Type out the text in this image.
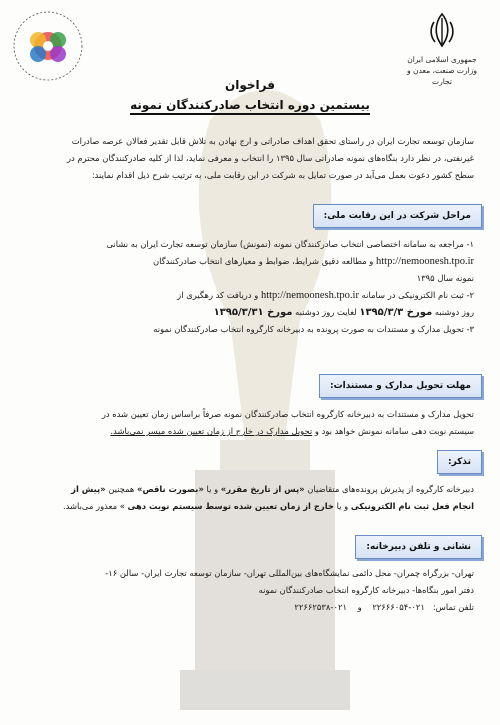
جمهوری اسلامی ایران
وزارت صنعت، معدن و تجارت
فراخوان
بیستمین دوره انتخاب صادرکنندگان نمونه
سازمان توسعه تجارت ایران در راستای تحقق اهداف صادراتی و ارج نهادن به تلاش قابل تقدیر فعالان عرصه صادرات
غیرنفتی، در نظر دارد بنگاه‌های نمونه صادراتی سال ۱۳۹۵ را انتخاب و معرفی نماید، لذا از کلیه صادرکنندگان محترم در
سطح کشور دعوت بعمل می‌آید در صورت تمایل به شرکت در این رقابت ملی، به ترتیب شرح ذیل اقدام نمایند:
مراحل شرکت در این رقابت ملی:
۱- مراجعه به سامانه اختصاصی انتخاب صادرکنندگان نمونه (نمونش) سازمان توسعه تجارت ایران به نشانی
http://nemoonesh.tpo.ir و مطالعه دقیق شرایط، ضوابط و معیارهای انتخاب صادرکنندگان
نمونه سال ۱۳۹۵
۲- ثبت نام الکترونیکی در سامانه http://nemoonesh.tpo.ir و دریافت کد رهگیری از
روز دوشنبه مورخ ۱۳۹۵/۳/۳ لغایت روز دوشنبه مورخ ۱۳۹۵/۳/۳۱
۳- تحویل مدارک و مستندات به صورت پرونده به دبیرخانه کارگروه انتخاب صادرکنندگان نمونه
مهلت تحویل مدارک و مستندات:
تحویل مدارک و مستندات به دبیرخانه کارگروه انتخاب صادرکنندگان نمونه صرفاً براساس زمان تعیین شده در
سیستم نوبت دهی سامانه نمونش خواهد بود و تحویل مدارک در خارج از زمان تعیین شده میسر نمی‌باشد.
تذکر:
دبیرخانه کارگروه از پذیرش پرونده‌های متقاضیان «پس از تاریخ مقرر» و یا «بصورت ناقص» همچنین «پیش از
انجام فعل ثبت نام الکترونیکی و یا خارج از زمان تعیین شده توسط سیستم نوبت دهی » معذور می‌باشد.
نشانی و تلفن دبیرخانه:
تهران- بزرگراه چمران- محل دائمی نمایشگاه‌های بین‌المللی تهران- سازمان توسعه تجارت ایران- سالن ۱۶-
دفتر امور بنگاه‌ها- دبیرخانه کارگروه انتخاب صادرکنندگان نمونه
تلفن تماس:   ۰۲۱-۲۲۶۶۶۰۵۴    و    ۰۲۱-۲۲۶۶۲۵۳۸
